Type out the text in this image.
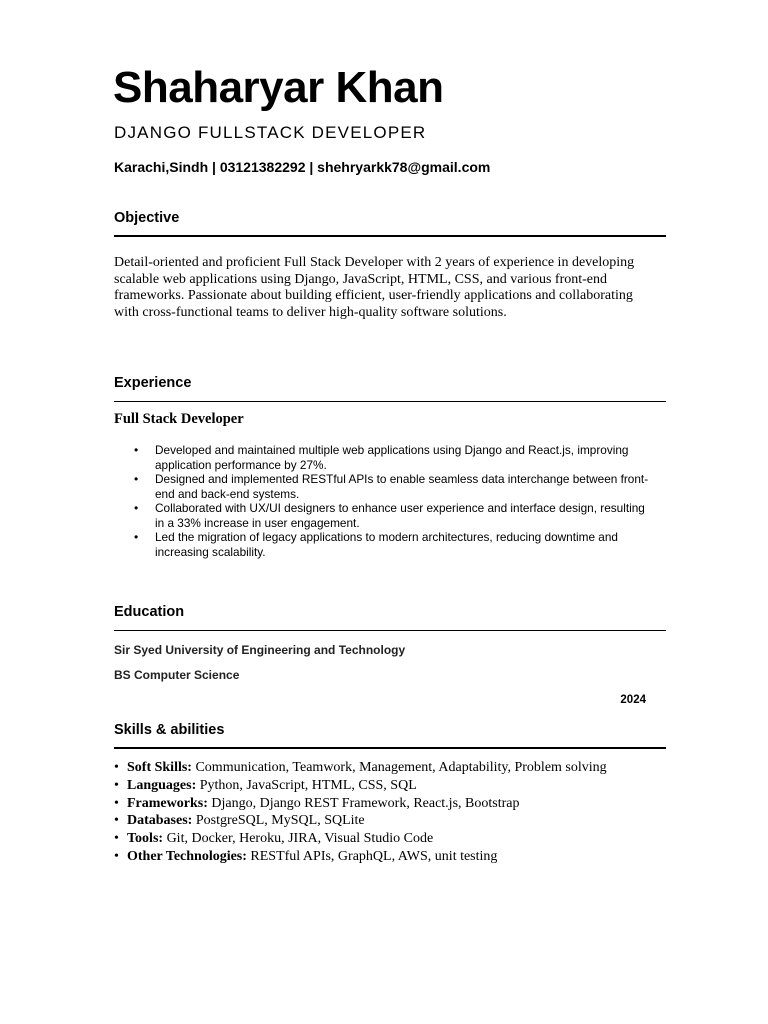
Shaharyar Khan

DJANGO FULLSTACK DEVELOPER

Karachi,Sindh | 03121382292 | shehryarkk78@gmail.com

Objective

Detail-oriented and proficient Full Stack Developer with 2 years of experience in developing scalable web applications using Django, JavaScript, HTML, CSS, and various front-end frameworks. Passionate about building efficient, user-friendly applications and collaborating with cross-functional teams to deliver high-quality software solutions.

Experience

Full Stack Developer

• Developed and maintained multiple web applications using Django and React.js, improving application performance by 27%.
• Designed and implemented RESTful APIs to enable seamless data interchange between front-end and back-end systems.
• Collaborated with UX/UI designers to enhance user experience and interface design, resulting in a 33% increase in user engagement.
• Led the migration of legacy applications to modern architectures, reducing downtime and increasing scalability.
Education

Sir Syed University of Engineering and Technology

BS Computer Science

2024

Skills & abilities
• Soft Skills: Communication, Teamwork, Management, Adaptability, Problem solving
• Languages: Python, JavaScript, HTML, CSS, SQL
• Frameworks: Django, Django REST Framework, React.js, Bootstrap
• Databases: PostgreSQL, MySQL, SQLite
• Tools: Git, Docker, Heroku, JIRA, Visual Studio Code
• Other Technologies: RESTful APIs, GraphQL, AWS, unit testing
